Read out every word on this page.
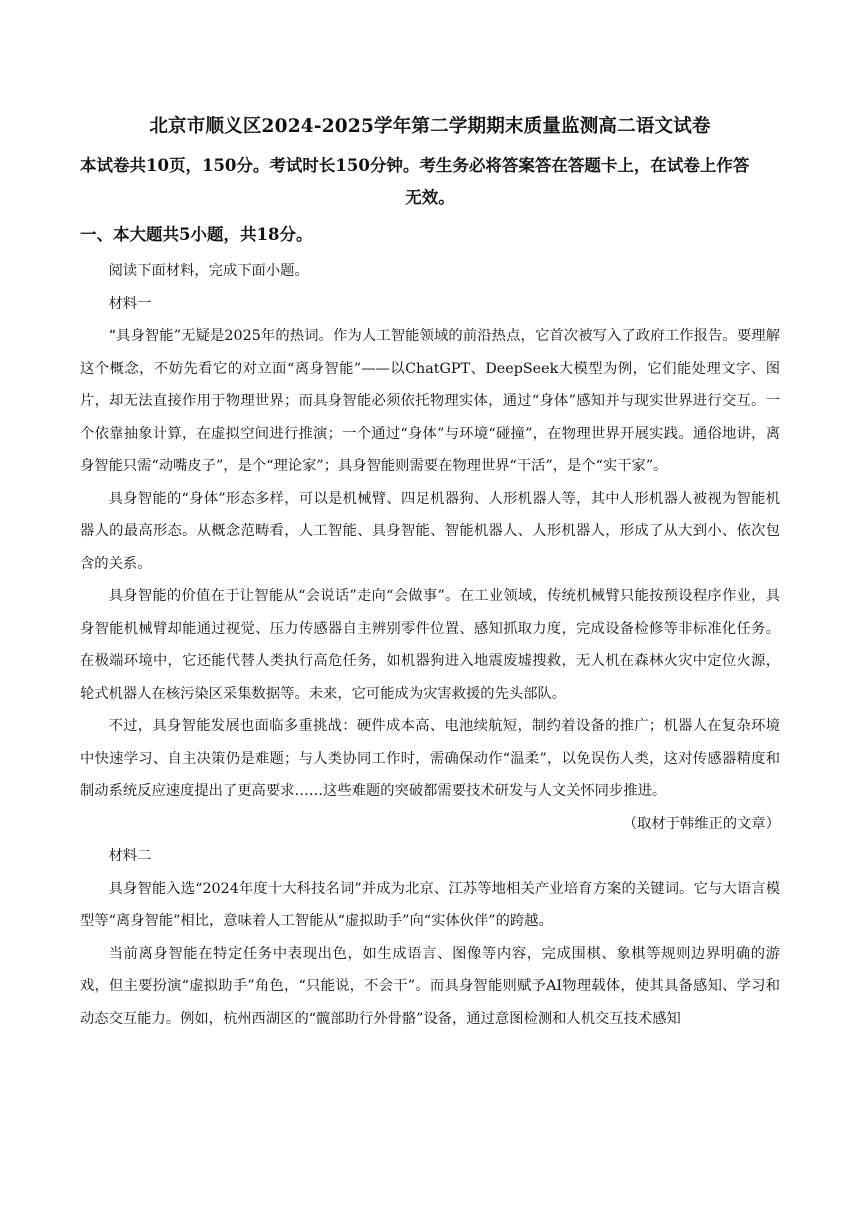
北京市顺义区2024-2025学年第二学期期末质量监测高二语文试卷
本试卷共10页，150分。考试时长150分钟。考生务必将答案答在答题卡上，在试卷上作答
无效。
一、本大题共5小题，共18分。

阅读下面材料，完成下面小题。

材料一

“具身智能”无疑是2025年的热词。作为人工智能领域的前沿热点，它首次被写入了政府工作报告。要理解这个概念，不妨先看它的对立面“离身智能”——以ChatGPT、DeepSeek大模型为例，它们能处理文字、图片，却无法直接作用于物理世界；而具身智能必须依托物理实体，通过“身体”感知并与现实世界进行交互。一个依靠抽象计算，在虚拟空间进行推演；一个通过“身体”与环境“碰撞”，在物理世界开展实践。通俗地讲，离身智能只需“动嘴皮子”，是个“理论家”；具身智能则需要在物理世界“干活”，是个“实干家”。

具身智能的“身体”形态多样，可以是机械臂、四足机器狗、人形机器人等，其中人形机器人被视为智能机器人的最高形态。从概念范畴看，人工智能、具身智能、智能机器人、人形机器人，形成了从大到小、依次包含的关系。

具身智能的价值在于让智能从“会说话”走向“会做事”。在工业领域，传统机械臂只能按预设程序作业，具身智能机械臂却能通过视觉、压力传感器自主辨别零件位置、感知抓取力度，完成设备检修等非标准化任务。在极端环境中，它还能代替人类执行高危任务，如机器狗进入地震废墟搜救，无人机在森林火灾中定位火源，轮式机器人在核污染区采集数据等。未来，它可能成为灾害救援的先头部队。

不过，具身智能发展也面临多重挑战：硬件成本高、电池续航短，制约着设备的推广；机器人在复杂环境中快速学习、自主决策仍是难题；与人类协同工作时，需确保动作“温柔”，以免误伤人类，这对传感器精度和制动系统反应速度提出了更高要求……这些难题的突破都需要技术研发与人文关怀同步推进。

（取材于韩维正的文章）

材料二

具身智能入选“2024年度十大科技名词”并成为北京、江苏等地相关产业培育方案的关键词。它与大语言模型等“离身智能”相比，意味着人工智能从“虚拟助手”向“实体伙伴”的跨越。

当前离身智能在特定任务中表现出色，如生成语言、图像等内容，完成围棋、象棋等规则边界明确的游戏，但主要扮演“虚拟助手”角色，“只能说，不会干”。而具身智能则赋予AI物理载体，使其具备感知、学习和动态交互能力。例如，杭州西湖区的“髋部助行外骨骼”设备，通过意图检测和人机交互技术感知
